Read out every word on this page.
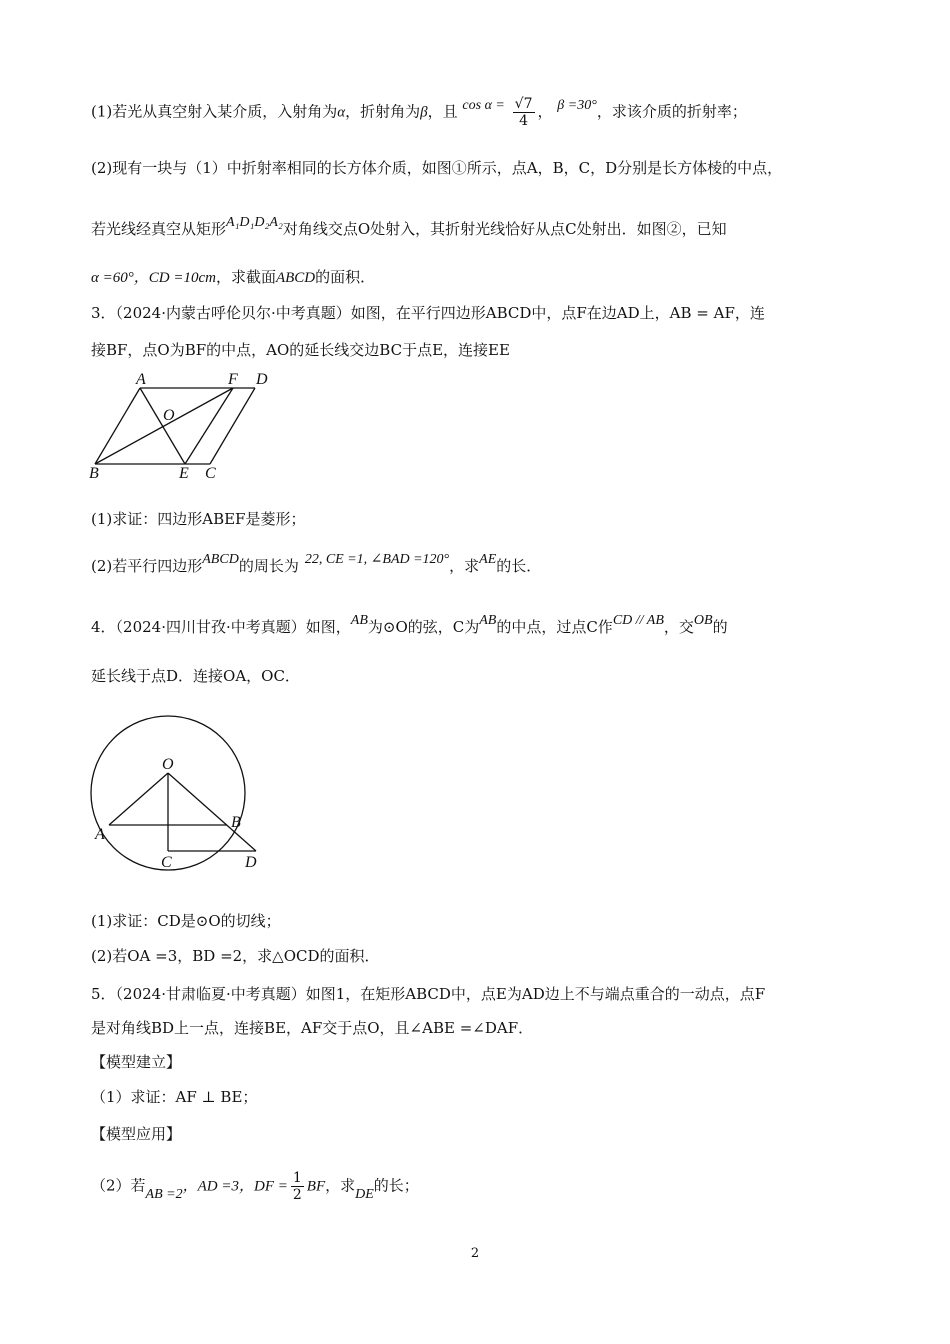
(1)若光从真空射入某介质，入射角为α，折射角为β，且 $\cos \alpha = \frac{√7}{4}$ ， β =30°，求该介质的折射率；
(2)现有一块与（1）中折射率相同的长方体介质，如图①所示，点A，B，C，D分别是长方体棱的中点，
若光线经真空从矩形A₁D₁D₂A₂对角线交点O处射入，其折射光线恰好从点C处射出．如图②，已知
α =60°，CD =10cm，求截面ABCD的面积．
3．（2024·内蒙古呼伦贝尔·中考真题）如图，在平行四边形ABCD中，点F在边AD上，AB = AF，连
接BF，点O为BF的中点，AO的延长线交边BC于点E，连接EE
A	F D
O
B	E C
(1)求证：四边形ABEF是菱形；
(2)若平行四边形ABCD的周长为 22, CE =1, ∠BAD =120°，求AE的长．
4．（2024·四川甘孜·中考真题）如图，AB为⊙O的弦，C为AB的中点，过点C作CD // AB，交OB的
延长线于点D．连接OA，OC．
O
A
B
C	D
(1)求证：CD是⊙O的切线；
(2)若OA =3，BD =2，求△OCD的面积．
5．（2024·甘肃临夏·中考真题）如图1，在矩形ABCD中，点E为AD边上不与端点重合的一动点，点F
是对角线BD上一点，连接BE，AF交于点O，且∠ABE =∠DAF．
【模型建立】
（1）求证：AF ⊥ BE；
【模型应用】
（2）若AB =2，AD =3，DF = $\frac{1}{2}$ BF，求DE的长；
2
